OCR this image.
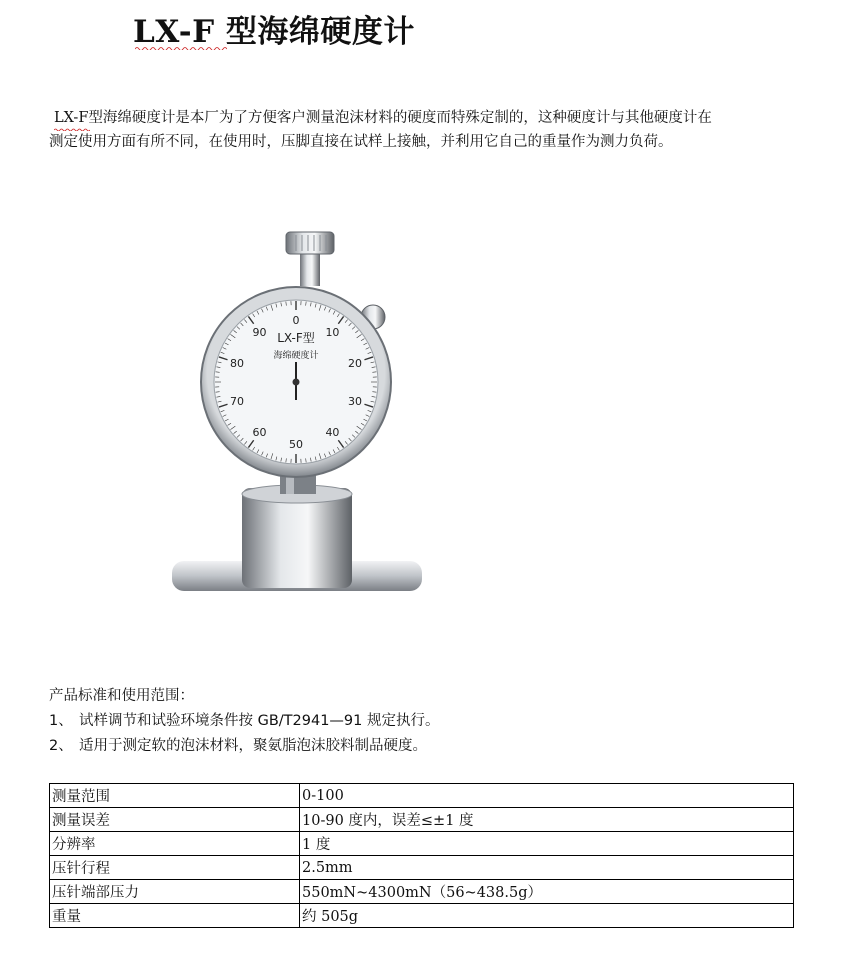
LX-F 型海绵硬度计

LX-F
型海绵硬度计是本厂为了方便客户测量泡沫材料的硬度而特殊定制的，这种硬度计与其他硬度计在

测定使用方面有所不同，在使用时，压脚直接在试样上接触，并利用它自己的重量作为测力负荷。

0
10
20
30
40
50
60
70
80
90 LX-F型
海绵硬度计
产品标准和使用范围：
1、 试样调节和试验环境条件按 GB/T2941—91 规定执行。
2、 适用于测定软的泡沫材料，聚氨脂泡沫胶料制品硬度。
测量范围	0-100
测量误差	10-90 度内，误差≤±1 度
分辨率	1 度
压针行程	2.5mm
压针端部压力	550mN~4300mN（56~438.5g）
重量	约 505g
